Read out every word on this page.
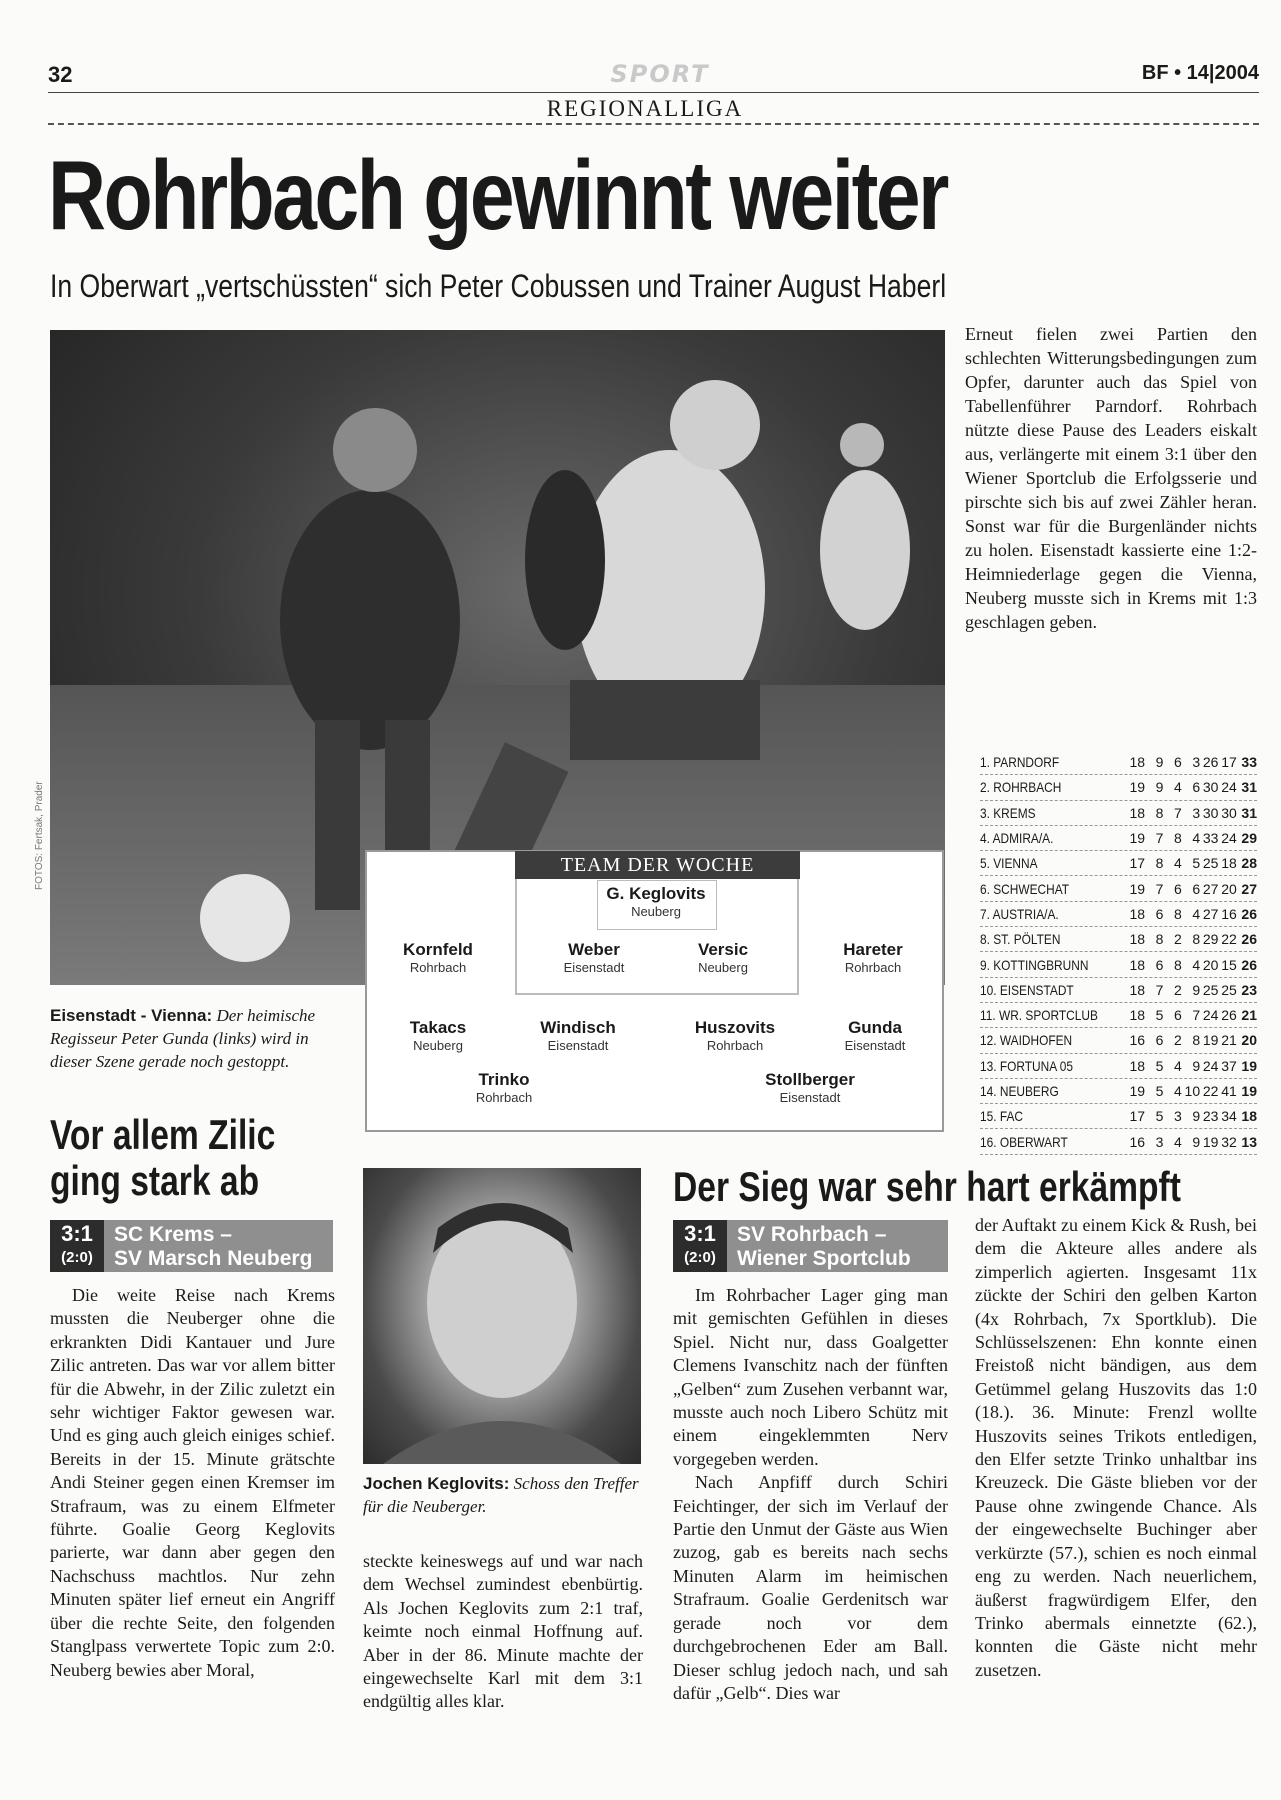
32	SPORT	BF • 14|2004
REGIONALLIGA
Rohrbach gewinnt weiter
In Oberwart „vertschüssten“ sich Peter Cobussen und Trainer August Haberl
FOTOS: Fertsak, Prader	TEAM DER WOCHE
G. Keglovits
Neuberg
Kornfeld
Rohrbach
Weber
Eisenstadt
Versic
Neuberg
Hareter
Rohrbach
Takacs
Neuberg
Windisch
Eisenstadt
Huszovits
Rohrbach
Gunda
Eisenstadt
Trinko
Rohrbach
Stollberger
Eisenstadt
Eisenstadt - Vienna: Der heimische Regisseur Peter Gunda (links) wird in dieser Szene gerade noch gestoppt.
Erneut fielen zwei Partien den schlechten Witterungsbedingungen zum Opfer, darunter auch das Spiel von Tabellenführer Parndorf. Rohrbach nützte diese Pause des Leaders eiskalt aus, verlängerte mit einem 3:1 über den Wiener Sportclub die Erfolgsserie und pirschte sich bis auf zwei Zähler heran. Sonst war für die Burgenländer nichts zu holen. Eisenstadt kassierte eine 1:2-Heimniederlage gegen die Vienna, Neuberg musste sich in Krems mit 1:3 geschlagen geben.
1. PARNDORF	18 9 6 3 26 17 33
2. ROHRBACH	19 9 4 6 30 24 31
3. KREMS	18 8 7 3 30 30 31
4. ADMIRA/A.	19 7 8 4 33 24 29
5. VIENNA	17 8 4 5 25 18 28
6. SCHWECHAT	19 7 6 6 27 20 27
7. AUSTRIA/A.	18 6 8 4 27 16 26
8. ST. PÖLTEN	18 8 2 8 29 22 26
9. KOTTINGBRUNN	18 6 8 4 20 15 26
10. EISENSTADT	18 7 2 9 25 25 23
11. WR. SPORTCLUB	18 5 6 7 24 26 21
12. WAIDHOFEN	16 6 2 8 19 21 20
13. FORTUNA 05	18 5 4 9 24 37 19
14. NEUBERG	19 5 4 10 22 41 19
15. FAC	17 5 3 9 23 34 18
16. OBERWART	16 3 4 9 19 32 13
Vor allem Zilic
ging stark ab
3:1
(2:0)
SC Krems –
SV Marsch Neuberg

Die weite Reise nach Krems mussten die Neuberger ohne die erkrankten Didi Kantauer und Jure Zilic antreten. Das war vor allem bitter für die Abwehr, in der Zilic zuletzt ein sehr wichtiger Faktor gewesen war. Und es ging auch gleich einiges schief. Bereits in der 15. Minute grätschte Andi Steiner gegen einen Kremser im Strafraum, was zu einem Elfmeter führte. Goalie Georg Keglovits parierte, war dann aber gegen den Nachschuss machtlos. Nur zehn Minuten später lief erneut ein Angriff über die rechte Seite, den folgenden Stanglpass verwertete Topic zum 2:0. Neuberg bewies aber Moral,

Jochen Keglovits: Schoss den Treffer für die Neuberger.

steckte keineswegs auf und war nach dem Wechsel zumindest ebenbürtig. Als Jochen Keglovits zum 2:1 traf, keimte noch einmal Hoffnung auf. Aber in der 86. Minute machte der eingewechselte Karl mit dem 3:1 endgültig alles klar.

Der Sieg war sehr hart erkämpft
3:1
(2:0)
SV Rohrbach –
Wiener Sportclub

Im Rohrbacher Lager ging man mit gemischten Gefühlen in dieses Spiel. Nicht nur, dass Goalgetter Clemens Ivanschitz nach der fünften „Gelben“ zum Zusehen verbannt war, musste auch noch Libero Schütz mit einem eingeklemmten Nerv vorgegeben werden.

Nach Anpfiff durch Schiri Feichtinger, der sich im Verlauf der Partie den Unmut der Gäste aus Wien zuzog, gab es bereits nach sechs Minuten Alarm im heimischen Strafraum. Goalie Gerdenitsch war gerade noch vor dem durchgebrochenen Eder am Ball. Dieser schlug jedoch nach, und sah dafür „Gelb“. Dies war

der Auftakt zu einem Kick & Rush, bei dem die Akteure alles andere als zimperlich agierten. Insgesamt 11x zückte der Schiri den gelben Karton (4x Rohrbach, 7x Sportklub). Die Schlüsselszenen: Ehn konnte einen Freistoß nicht bändigen, aus dem Getümmel gelang Huszovits das 1:0 (18.). 36. Minute: Frenzl wollte Huszovits seines Trikots entledigen, den Elfer setzte Trinko unhaltbar ins Kreuzeck. Die Gäste blieben vor der Pause ohne zwingende Chance. Als der eingewechselte Buchinger aber verkürzte (57.), schien es noch einmal eng zu werden. Nach neuerlichem, äußerst fragwürdigem Elfer, den Trinko abermals einnetzte (62.), konnten die Gäste nicht mehr zusetzen.
